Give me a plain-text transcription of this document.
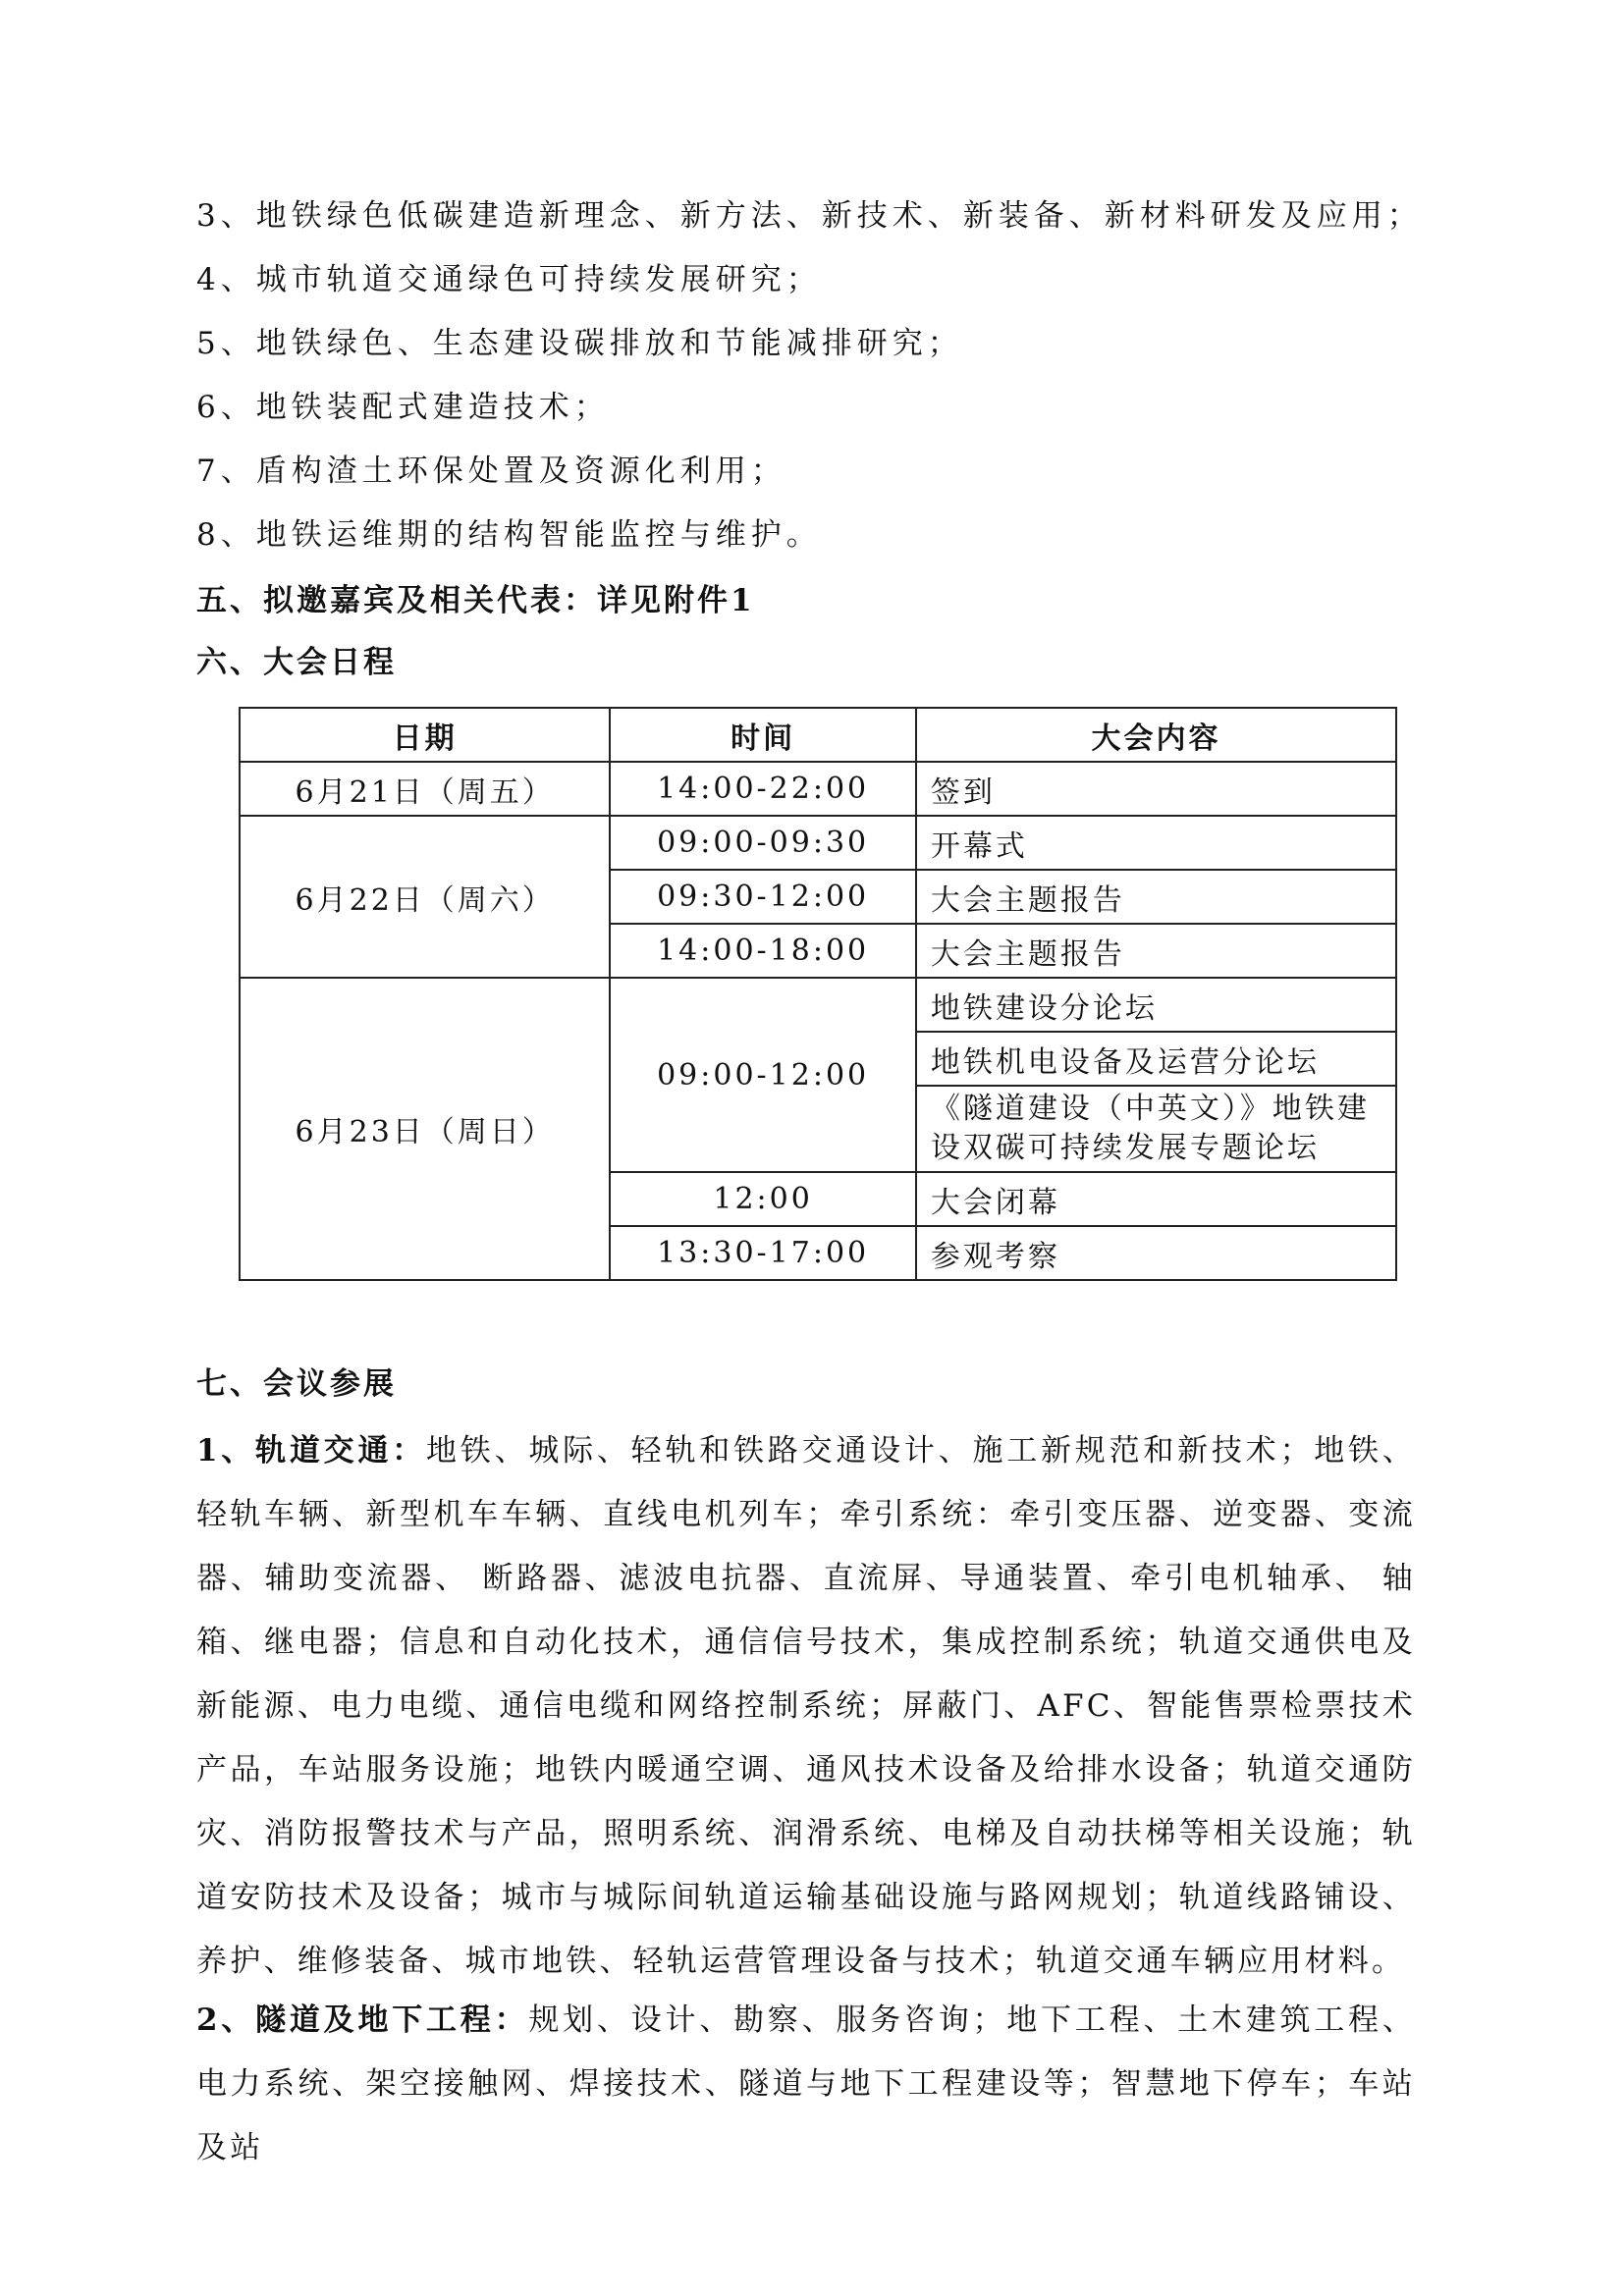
3、地铁绿色低碳建造新理念、新方法、新技术、新装备、新材料研发及应用；
4、城市轨道交通绿色可持续发展研究；
5、地铁绿色、生态建设碳排放和节能减排研究；
6、地铁装配式建造技术；
7、盾构渣土环保处置及资源化利用；
8、地铁运维期的结构智能监控与维护。
五、拟邀嘉宾及相关代表：详见附件1
六、大会日程
日期	时间	大会内容
6月21日（周五）	14:00-22:00	签到
6月22日（周六）	09:00-09:30	开幕式
	09:30-12:00	大会主题报告
	14:00-18:00	大会主题报告
6月23日（周日）	09:00-12:00	地铁建设分论坛
		地铁机电设备及运营分论坛
		《隧道建设（中英文）》地铁建设双碳可持续发展专题论坛
	12:00	大会闭幕
	13:30-17:00	参观考察
七、会议参展
1、轨道交通：地铁、城际、轻轨和铁路交通设计、施工新规范和新技术；地铁、轻轨车辆、新型机车车辆、直线电机列车；牵引系统：牵引变压器、逆变器、变流器、辅助变流器、 断路器、滤波电抗器、直流屏、导通装置、牵引电机轴承、 轴箱、继电器；信息和自动化技术，通信信号技术，集成控制系统；轨道交通供电及新能源、电力电缆、通信电缆和网络控制系统；屏蔽门、AFC、智能售票检票技术产品，车站服务设施；地铁内暖通空调、通风技术设备及给排水设备；轨道交通防灾、消防报警技术与产品，照明系统、润滑系统、电梯及自动扶梯等相关设施；轨道安防技术及设备；城市与城际间轨道运输基础设施与路网规划；轨道线路铺设、养护、维修装备、城市地铁、轻轨运营管理设备与技术；轨道交通车辆应用材料。
2、隧道及地下工程：规划、设计、勘察、服务咨询；地下工程、土木建筑工程、电力系统、架空接触网、焊接技术、隧道与地下工程建设等；智慧地下停车；车站及站
